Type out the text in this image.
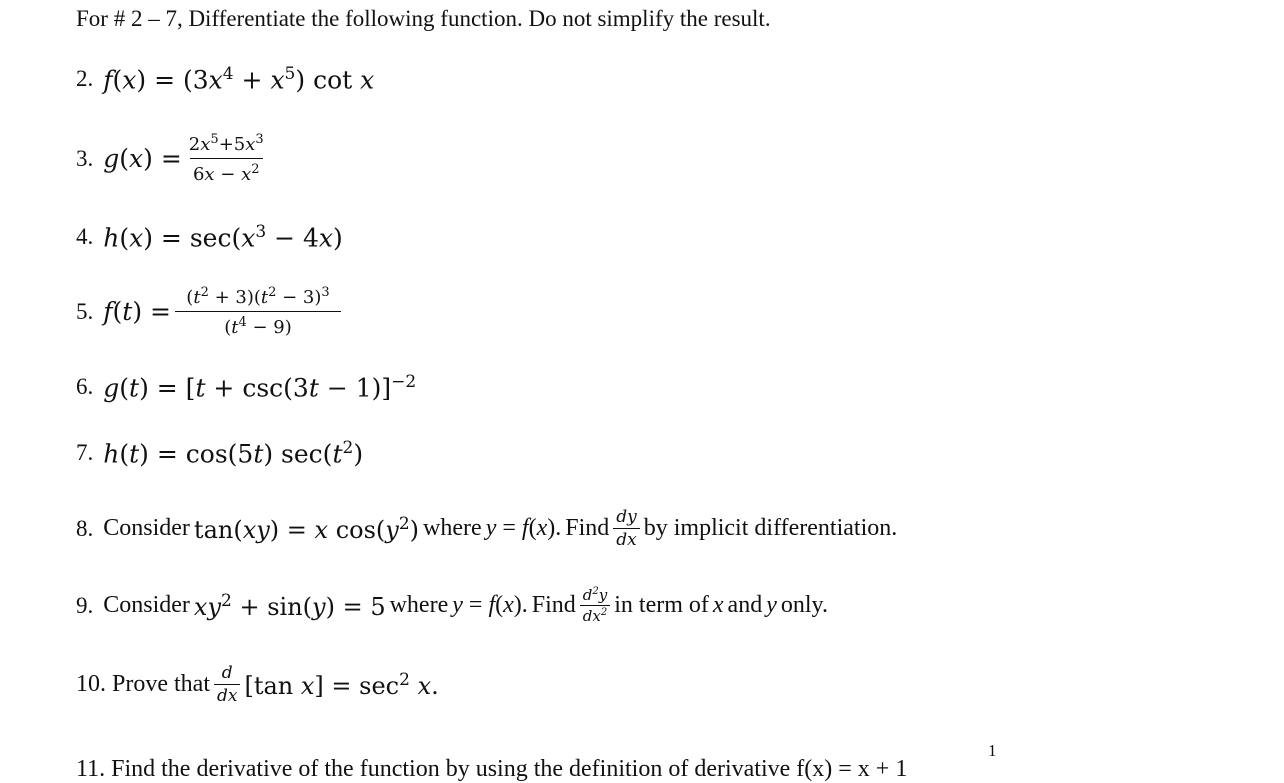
For # 2 – 7, Differentiate the following function. Do not simplify the result.
2. $f(x) = (3x^4 + x^5)$ cot x
3. $g(x) = \frac{2x^5+5x^3}{6x - x^2}$
4. $h(x) = \sec(x^3 - 4x)$
5. $f(t) = \frac{(t^2 + 3)(t^2 - 3)^3}{(t^4 - 9)}$
6. $g(t) = [t + \csc(3t - 1)]^{-2}$
7. h(t) = cos(5t) $\sec(t^2)$
8. Consider
tan(xy) = x $\cos(y^2)$
where
y = f(x).
Find $\frac{dy}{dx}$ by implicit differentiation.
9. Consider
$xy^2 + \sin(y) = 5$
where
y = f(x).
Find $\frac{d^2y}{dx^2}$ in term of
x
and
y
only.
10. Prove that $\frac{d}{dx} [\tan$ $x] = \sec^2 x$.
11. Find the derivative of the function by using the definition of derivative f(x) = x + 1
1
